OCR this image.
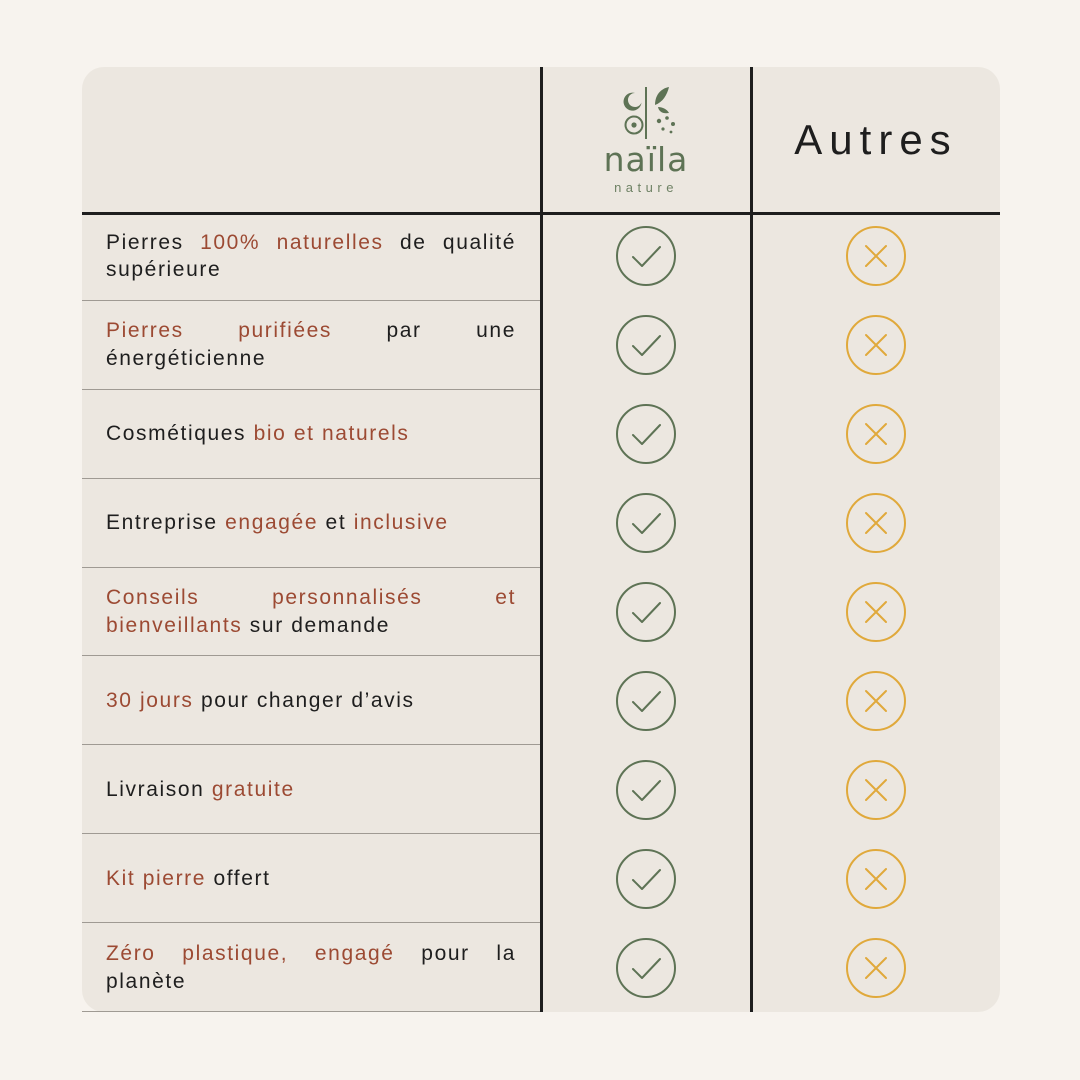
naïla
nature
Autres
Pierres 100% naturelles de qualité supérieure
Pierres purifiées par une énergéticienne
Cosmétiques bio et naturels
Entreprise engagée et inclusive
Conseils personnalisés et bienveillants sur demande
30 jours pour changer d’avis
Livraison gratuite
Kit pierre offert
Zéro plastique, engagé pour la planète
